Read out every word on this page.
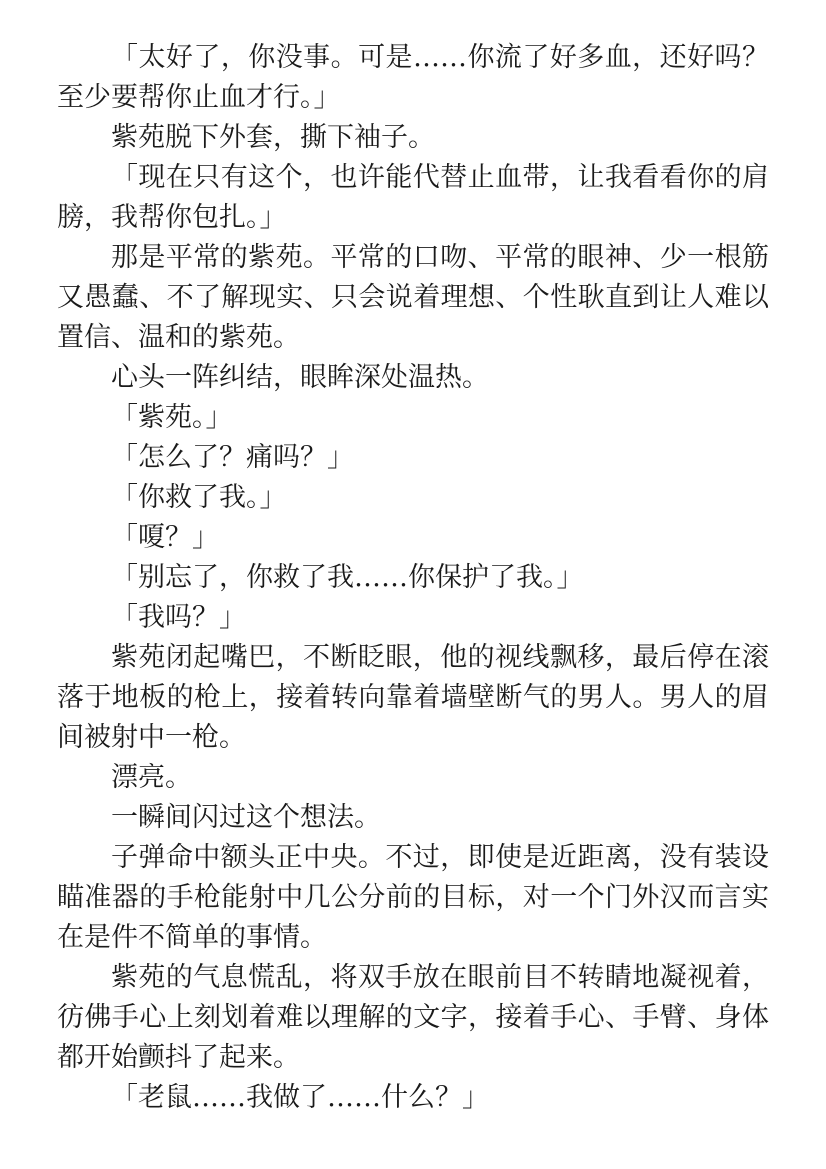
「太好了，你没事。可是……你流了好多血，还好吗？至少要帮你止血才行。」

紫苑脱下外套，撕下袖子。

「现在只有这个，也许能代替止血带，让我看看你的肩膀，我帮你包扎。」

那是平常的紫苑。平常的口吻、平常的眼神、少一根筋又愚蠢、不了解现实、只会说着理想、个性耿直到让人难以置信、温和的紫苑。

心头一阵纠结，眼眸深处温热。

「紫苑。」

「怎么了？痛吗？」

「你救了我。」

「嗄？」

「别忘了，你救了我……你保护了我。」

「我吗？」

紫苑闭起嘴巴，不断眨眼，他的视线飘移，最后停在滚落于地板的枪上，接着转向靠着墙壁断气的男人。男人的眉间被射中一枪。

漂亮。

一瞬间闪过这个想法。

子弹命中额头正中央。不过，即使是近距离，没有装设瞄准器的手枪能射中几公分前的目标，对一个门外汉而言实在是件不简单的事情。

紫苑的气息慌乱，将双手放在眼前目不转睛地凝视着，彷佛手心上刻划着难以理解的文字，接着手心、手臂、身体都开始颤抖了起来。

「老鼠……我做了……什么？」
